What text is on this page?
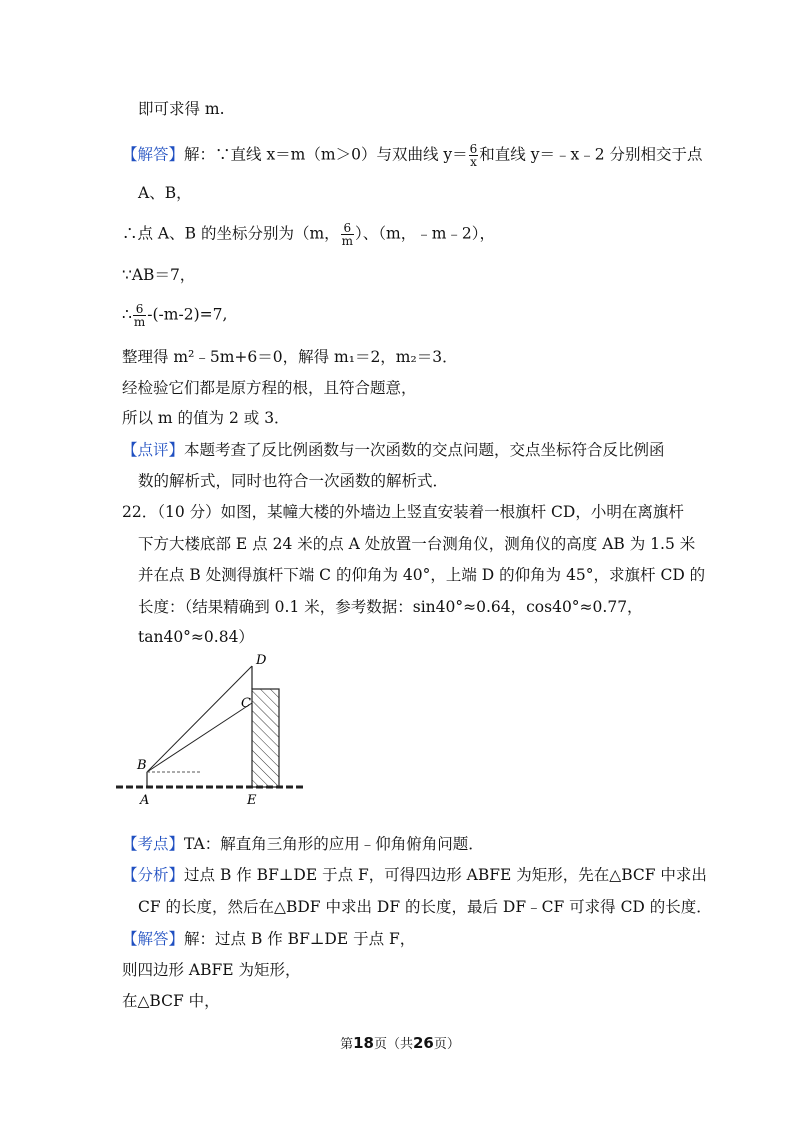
即可求得 m.
【解答】解：∵直线 x＝m（m＞0）与双曲线 $y= \frac{6}{x}$ 和直线 y＝﹣x﹣2 分别相交于点
A、B，
∴点 A、B 的坐标分别为（m， $\frac{6}{m}$ ）、（m，﹣m﹣2），
∵AB＝7，
∴ $\frac{6}{m} -(-m-2)=7$,
整理得 m²﹣5m+6＝0，解得 m₁＝2，m₂＝3．
经检验它们都是原方程的根，且符合题意，
所以 m 的值为 2 或 3．
【点评】本题考查了反比例函数与一次函数的交点问题，交点坐标符合反比例函
数的解析式，同时也符合一次函数的解析式．
22．（10 分）如图，某幢大楼的外墙边上竖直安装着一根旗杆 CD，小明在离旗杆
下方大楼底部 E 点 24 米的点 A 处放置一台测角仪，测角仪的高度 AB 为 1.5 米
并在点 B 处测得旗杆下端 C 的仰角为 40°，上端 D 的仰角为 45°，求旗杆 CD 的
长度：（结果精确到 0.1 米，参考数据：sin40°≈0.64，cos40°≈0.77，
tan40°≈0.84）
D
C
B
A	E
【考点】TA：解直角三角形的应用﹣仰角俯角问题．
【分析】过点 B 作 BF⊥DE 于点 F，可得四边形 ABFE 为矩形，先在△BCF 中求出
CF 的长度，然后在△BDF 中求出 DF 的长度，最后 DF﹣CF 可求得 CD 的长度．
【解答】解：过点 B 作 BF⊥DE 于点 F，
则四边形 ABFE 为矩形，
在△BCF 中，
第18页（共26页）
